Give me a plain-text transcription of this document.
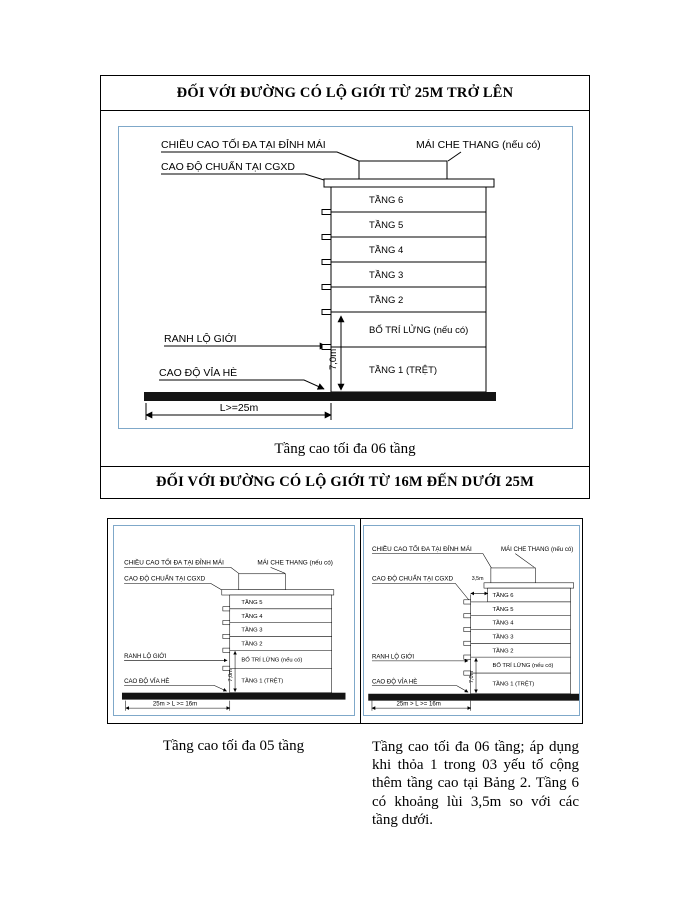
ĐỐI VỚI ĐƯỜNG CÓ LỘ GIỚI TỪ 25M TRỞ LÊN
CHIỀU CAO TỐI ĐA TẠI ĐỈNH MÁI
CAO ĐỘ CHUẨN TẠI CGXD
MÁI CHE THANG (nếu có)
TẦNG 6
TẦNG 5
TẦNG 4
TẦNG 3
TẦNG 2
BỐ TRÍ LỬNG (nếu có)
TẦNG 1 (TRỆT)
RANH LỘ GIỚI
CAO ĐỘ VỈA HÈ
7,0m
L>=25m
Tầng cao tối đa 06 tầng
ĐỐI VỚI ĐƯỜNG CÓ LỘ GIỚI TỪ 16M ĐẾN DƯỚI 25M
CHIỀU CAO TỐI ĐA TẠI ĐỈNH MÁI
CAO ĐỘ CHUẨN TẠI CGXD
MÁI CHE THANG (nếu có)
TẦNG 5
TẦNG 4
TẦNG 3
TẦNG 2
BỐ TRÍ LỬNG (nếu có)
TẦNG 1 (TRỆT)
RANH LỘ GIỚI
CAO ĐỘ VỈA HÈ
7,0m
25m > L >= 16m
CHIỀU CAO TỐI ĐA TẠI ĐỈNH MÁI
CAO ĐỘ CHUẨN TẠI CGXD
MÁI CHE THANG (nếu có)
3,5m
TẦNG 6
TẦNG 5
TẦNG 4
TẦNG 3
TẦNG 2
BỐ TRÍ LỬNG (nếu có)
TẦNG 1 (TRỆT)
RANH LỘ GIỚI
CAO ĐỘ VỈA HÈ	7,0m
25m > L >= 16m
Tầng cao tối đa 05 tầng	Tầng cao tối đa 06 tầng; áp dụng khi thỏa 1 trong 03 yếu tố cộng thêm tầng cao tại Bảng 2. Tầng 6 có khoảng lùi 3,5m so với các tầng dưới.
